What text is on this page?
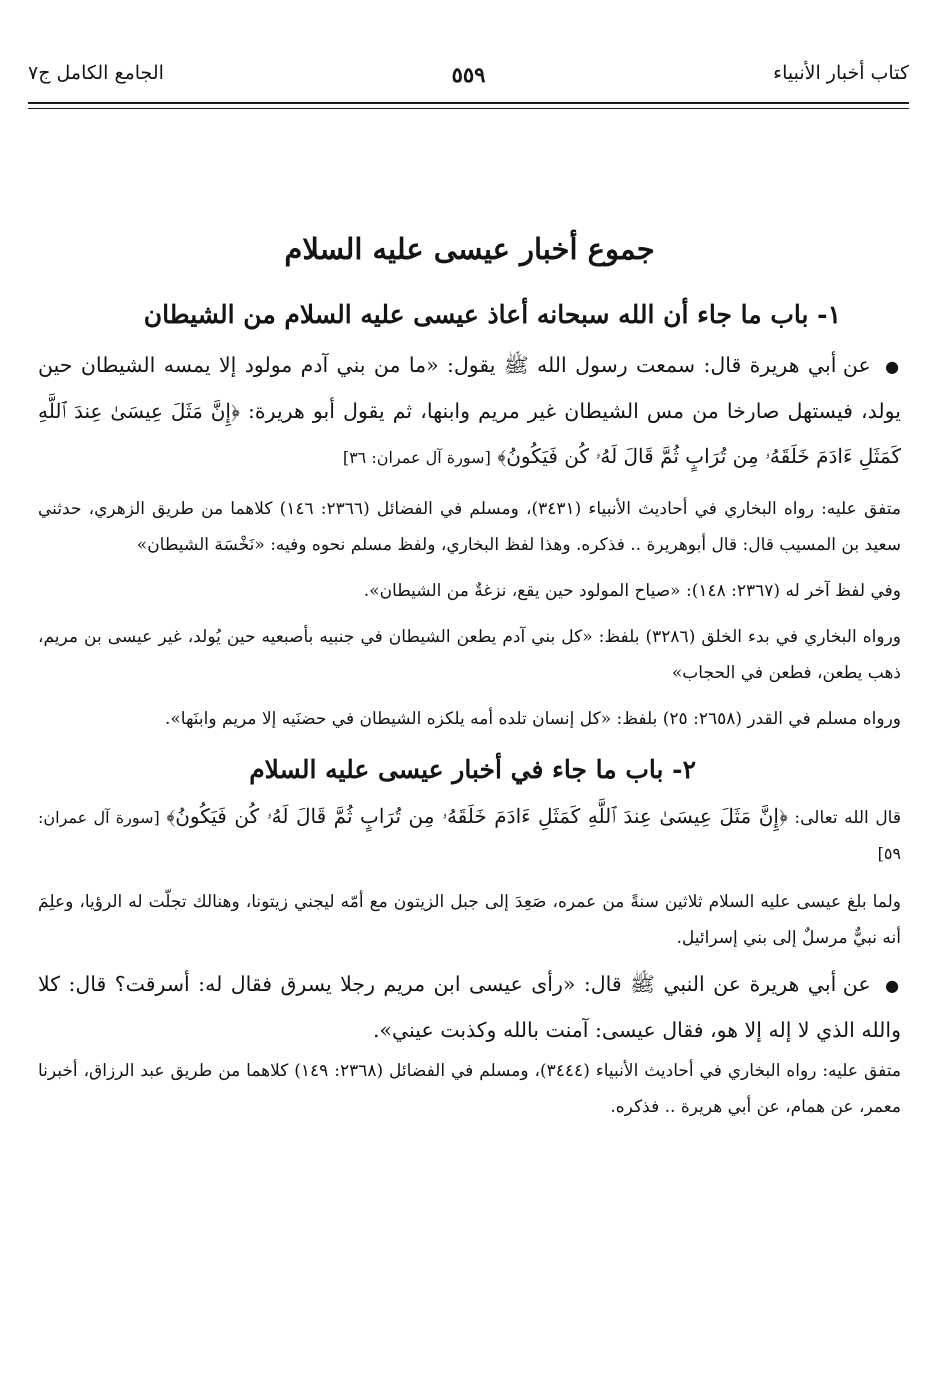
كتاب أخبار الأنبياء
٥٥٩
الجامع الكامل ج٧
جموع أخبار عيسى عليه السلام
١- باب ما جاء أن الله سبحانه أعاذ عيسى عليه السلام من الشيطان

● عن أبي هريرة قال: سمعت رسول الله ﷺ يقول: «ما من بني آدم مولود إلا يمسه الشيطان حين يولد، فيستهل صارخا من مس الشيطان غير مريم وابنها، ثم يقول أبو هريرة: ﴿إِنَّ مَثَلَ عِيسَىٰ عِندَ ٱللَّهِ كَمَثَلِ ءَادَمَ خَلَقَهُۥ مِن تُرَابٍ ثُمَّ قَالَ لَهُۥ كُن فَيَكُونُ﴾ [سورة آل عمران: ٣٦]

متفق عليه: رواه البخاري في أحاديث الأنبياء (٣٤٣١)، ومسلم في الفضائل (٢٣٦٦: ١٤٦) كلاهما من طريق الزهري، حدثني سعيد بن المسيب قال: قال أبوهريرة .. فذكره. وهذا لفظ البخاري، ولفظ مسلم نحوه وفيه: «نَخْسَة الشيطان»

وفي لفظ آخر له (٢٣٦٧: ١٤٨): «صياح المولود حين يقع، نزغةٌ من الشيطان».

ورواه البخاري في بدء الخلق (٣٢٨٦) بلفظ: «كل بني آدم يطعن الشيطان في جنبيه بأصبعيه حين يُولد، غير عيسى بن مريم، ذهب يطعن، فطعن في الحجاب»

ورواه مسلم في القدر (٢٦٥٨: ٢٥) بلفظ: «كل إنسان تلده أمه يلكزه الشيطان في حضنَيه إلا مريم وابنَها».

٢- باب ما جاء في أخبار عيسى عليه السلام

قال الله تعالى: ﴿إِنَّ مَثَلَ عِيسَىٰ عِندَ ٱللَّهِ كَمَثَلِ ءَادَمَ خَلَقَهُۥ مِن تُرَابٍ ثُمَّ قَالَ لَهُۥ كُن فَيَكُونُ﴾ [سورة آل عمران: ٥٩]

ولما بلغ عيسى عليه السلام ثلاثين سنةً من عمره، صَعِدَ إلى جبل الزيتون مع أمّه ليجني زيتونا، وهنالك تجلّت له الرؤيا، وعلِمَ أنه نبيٌّ مرسلٌ إلى بني إسرائيل.

● عن أبي هريرة عن النبي ﷺ قال: «رأى عيسى ابن مريم رجلا يسرق فقال له: أسرقت؟ قال: كلا والله الذي لا إله إلا هو، فقال عيسى: آمنت بالله وكذبت عيني».

متفق عليه: رواه البخاري في أحاديث الأنبياء (٣٤٤٤)، ومسلم في الفضائل (٢٣٦٨: ١٤٩) كلاهما من طريق عبد الرزاق، أخبرنا معمر، عن همام، عن أبي هريرة .. فذكره.
